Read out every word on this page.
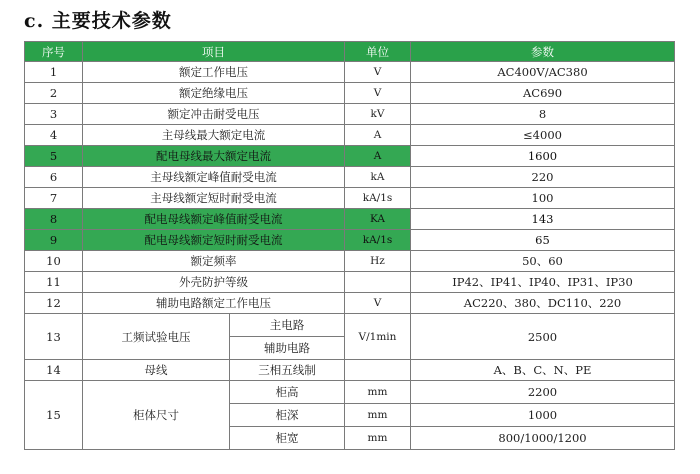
c. 主要技术参数
序号	项目		单位	参数
1	额定工作电压		V	AC400V/AC380
2	额定绝缘电压		V	AC690
3	额定冲击耐受电压		kV	8
4	主母线最大额定电流		A	≤4000
5	配电母线最大额定电流		A	1600
6	主母线额定峰值耐受电流		kA	220
7	主母线额定短时耐受电流		kA/1s	100
8	配电母线额定峰值耐受电流		KA	143
9	配电母线额定短时耐受电流		kA/1s	65
10	额定频率		Hz	50、60
11	外壳防护等级			IP42、IP41、IP40、IP31、IP30
12	辅助电路额定工作电压		V	AC220、380、DC110、220
13	工频试验电压	主电路	V/1min	2500
		辅助电路		
14	母线	三相五线制		A、B、C、N、PE
15	柜体尺寸	柜高	mm	2200
		柜深	mm	1000
		柜宽	mm	800/1000/1200
